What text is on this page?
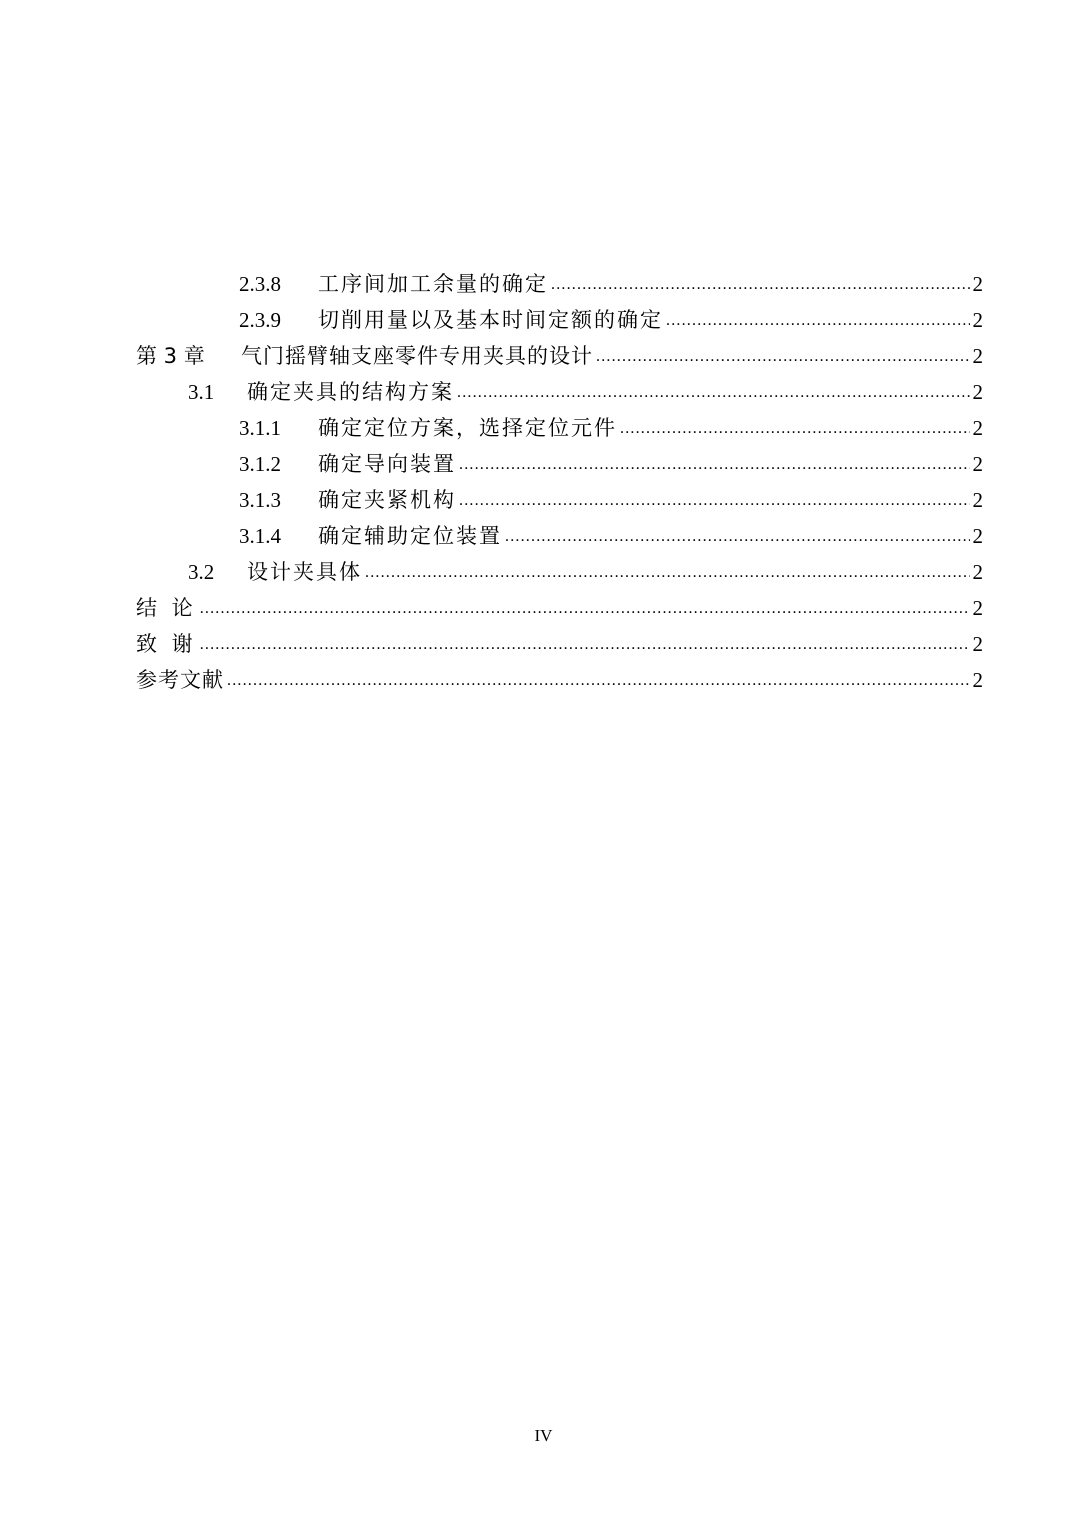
2.3.8	工序间加工余量的确定 .....	2
2.3.9	切削用量以及基本时间定额的确定 .....	2
第 3 章	气门摇臂轴支座零件专用夹具的设计 .....	2
3.1	确定夹具的结构方案 .....	2
3.1.1	确定定位方案，选择定位元件 .....	2
3.1.2	确定导向装置 .....	2
3.1.3	确定夹紧机构 .....	2
3.1.4	确定辅助定位装置 .....	2
3.2	设计夹具体 .....	2
结 论 .....	2
致 谢 .....	2
参考文献 .....	2
IV
